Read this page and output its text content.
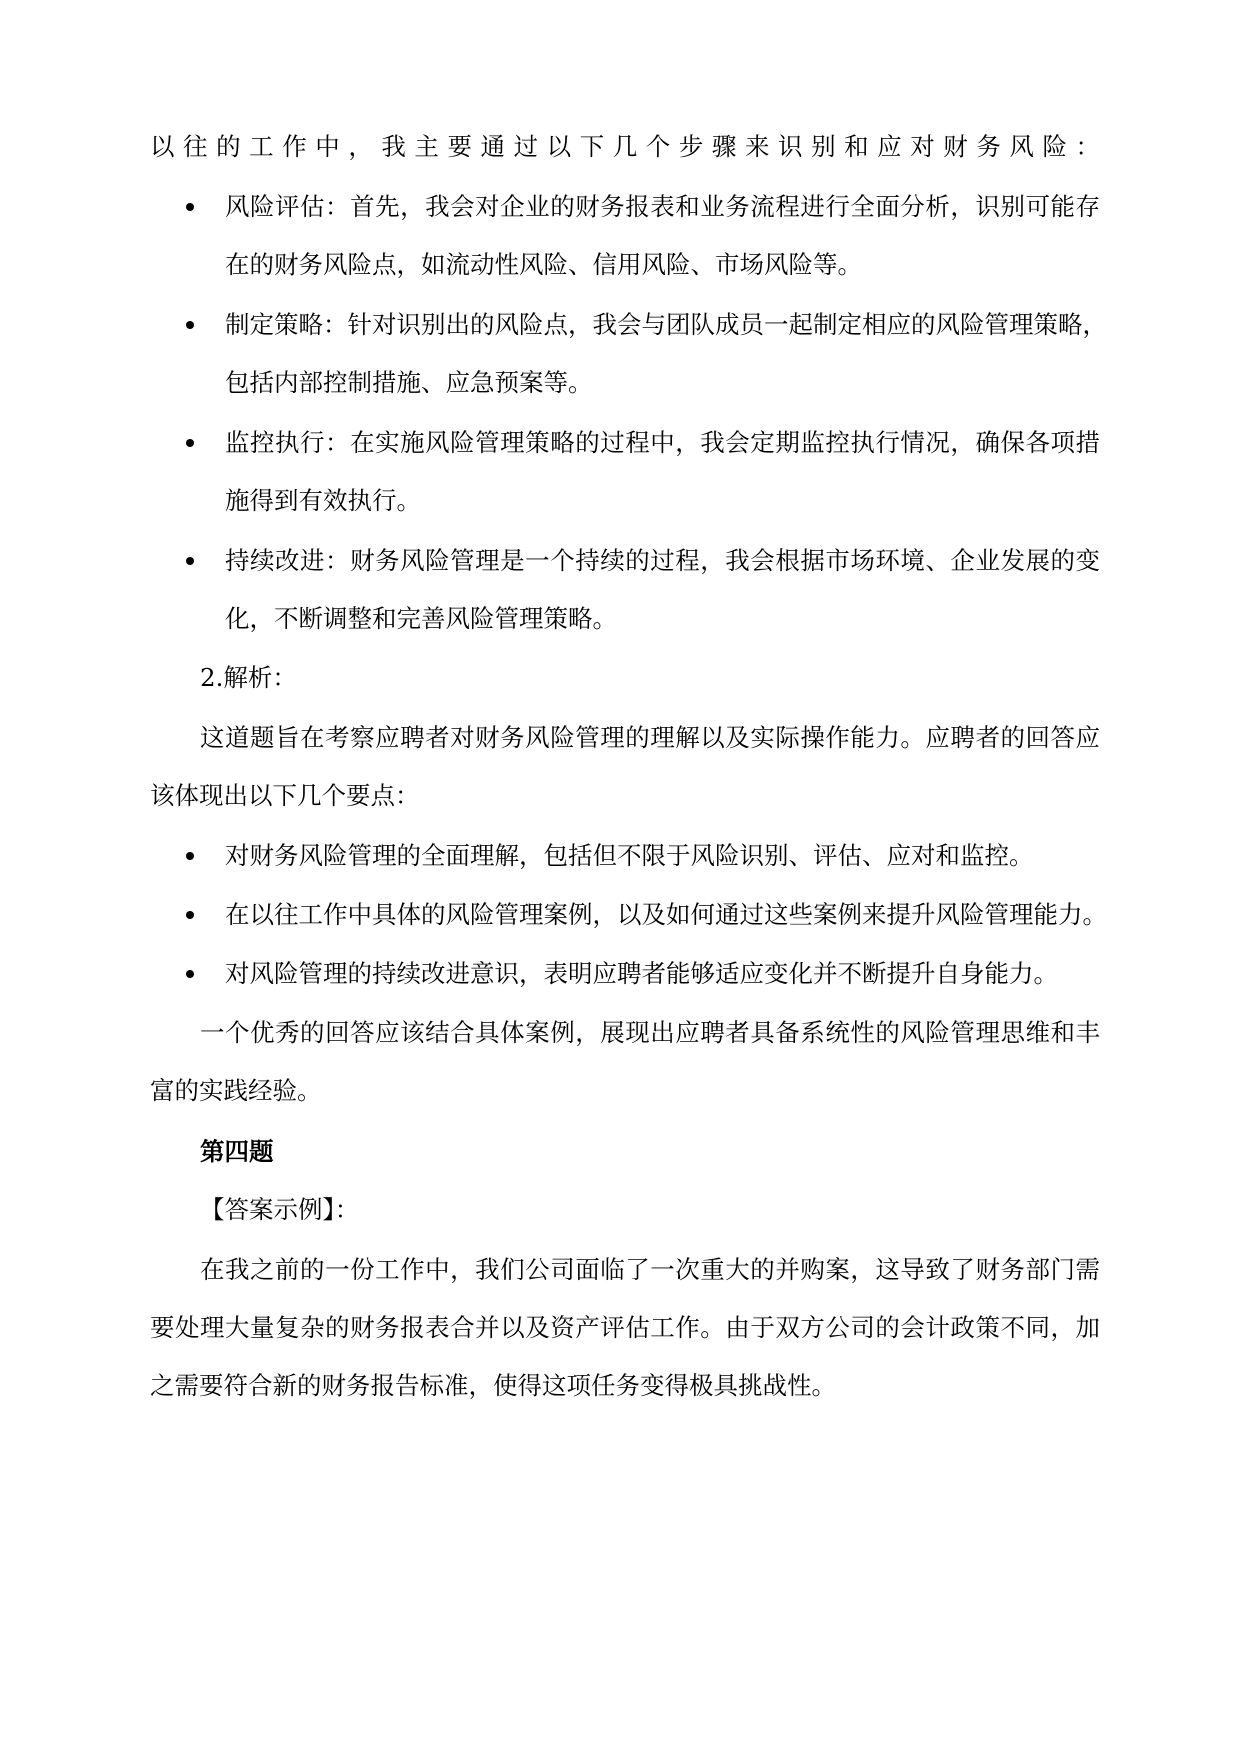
以往的工作中，我主要通过以下几个步骤来识别和应对财务风险：
风险评估：首先，我会对企业的财务报表和业务流程进行全面分析，识别可能存
在的财务风险点，如流动性风险、信用风险、市场风险等。
制定策略：针对识别出的风险点，我会与团队成员一起制定相应的风险管理策略，
包括内部控制措施、应急预案等。
监控执行：在实施风险管理策略的过程中，我会定期监控执行情况，确保各项措
施得到有效执行。
持续改进：财务风险管理是一个持续的过程，我会根据市场环境、企业发展的变
化，不断调整和完善风险管理策略。
2.解析：
这道题旨在考察应聘者对财务风险管理的理解以及实际操作能力。应聘者的回答应
该体现出以下几个要点：
对财务风险管理的全面理解，包括但不限于风险识别、评估、应对和监控。
在以往工作中具体的风险管理案例，以及如何通过这些案例来提升风险管理能力。
对风险管理的持续改进意识，表明应聘者能够适应变化并不断提升自身能力。
一个优秀的回答应该结合具体案例，展现出应聘者具备系统性的风险管理思维和丰
富的实践经验。
第四题
【答案示例】：
在我之前的一份工作中，我们公司面临了一次重大的并购案，这导致了财务部门需
要处理大量复杂的财务报表合并以及资产评估工作。由于双方公司的会计政策不同，加
之需要符合新的财务报告标准，使得这项任务变得极具挑战性。
